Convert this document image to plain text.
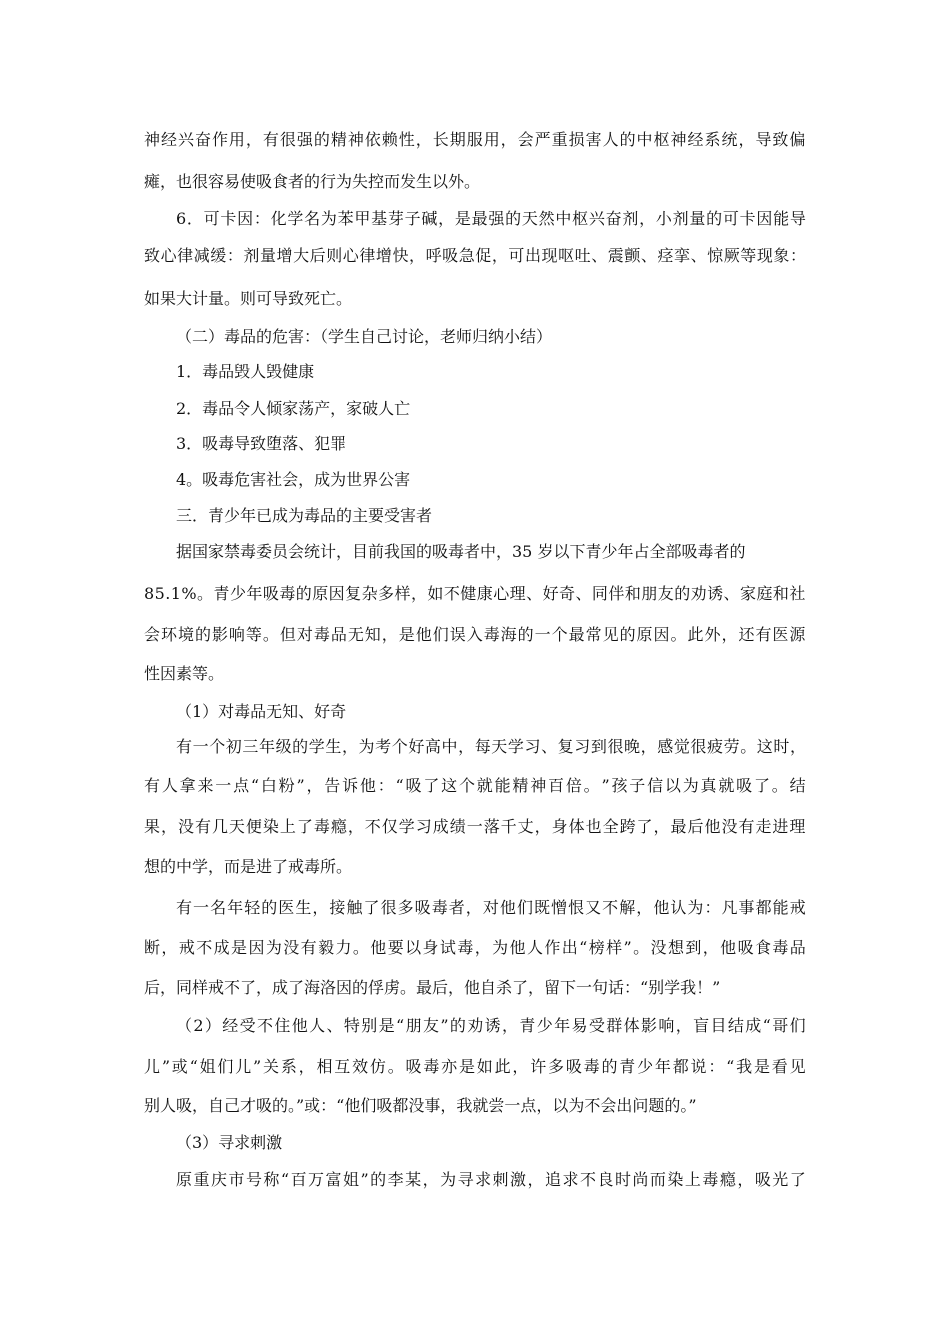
神 经 兴 奋 作 用 ， 有 很 强 的 精 神 依 赖 性 ， 长 期 服 用 ， 会 严 重 损 害 人 的 中 枢 神 经 系 统 ， 导 致 偏
瘫，也很容易使吸食者的行为失控而发生以外。
6 ． 可 卡 因 ： 化 学 名 为 苯 甲 基 芽 子 碱 ， 是 最 强 的 天 然 中 枢 兴 奋 剂 ， 小 剂 量 的 可 卡 因 能 导
致 心 律 减 缓 ： 剂 量 增 大 后 则 心 律 增 快 ， 呼 吸 急 促 ， 可 出 现 呕 吐 、 震 颤 、 痉 挛 、 惊 厥 等 现 象 ：
如果大计量。则可导致死亡。
（二）毒品的危害：（学生自己讨论，老师归纳小结）
1．毒品毁人毁健康
2．毒品令人倾家荡产，家破人亡
3．吸毒导致堕落、犯罪
4。吸毒危害社会，成为世界公害
三．青少年已成为毒品的主要受害者
据国家禁毒委员会统计，目前我国的吸毒者中，35 岁以下青少年占全部吸毒者的
8 5 . 1 % 。 青 少 年 吸 毒 的 原 因 复 杂 多 样 ， 如 不 健 康 心 理 、 好 奇 、 同 伴 和 朋 友 的 劝 诱 、 家 庭 和 社
会 环 境 的 影 响 等 。 但 对 毒 品 无 知 ， 是 他 们 误 入 毒 海 的 一 个 最 常 见 的 原 因 。 此 外 ， 还 有 医 源
性因素等。
（1）对毒品无知、好奇
有 一 个 初 三 年 级 的 学 生 ， 为 考 个 好 高 中 ， 每 天 学 习 、 复 习 到 很 晚 ， 感 觉 很 疲 劳 。 这 时 ，
有 人 拿 来 一 点 “ 白 粉 ” ， 告 诉 他 ： “ 吸 了 这 个 就 能 精 神 百 倍 。 ” 孩 子 信 以 为 真 就 吸 了 。 结
果 ， 没 有 几 天 便 染 上 了 毒 瘾 ， 不 仅 学 习 成 绩 一 落 千 丈 ， 身 体 也 全 跨 了 ， 最 后 他 没 有 走 进 理
想的中学，而是进了戒毒所。
有 一 名 年 轻 的 医 生 ， 接 触 了 很 多 吸 毒 者 ， 对 他 们 既 憎 恨 又 不 解 ， 他 认 为 ： 凡 事 都 能 戒
断 ， 戒 不 成 是 因 为 没 有 毅 力 。 他 要 以 身 试 毒 ， 为 他 人 作 出 “ 榜 样 ” 。 没 想 到 ， 他 吸 食 毒 品
后，同样戒不了，成了海洛因的俘虏。最后，他自杀了，留下一句话：“别学我！”
（ 2 ） 经 受 不 住 他 人 、 特 别 是 “ 朋 友 ” 的 劝 诱 ， 青 少 年 易 受 群 体 影 响 ， 盲 目 结 成 “ 哥 们
儿 ” 或 “ 姐 们 儿 ” 关 系 ， 相 互 效 仿 。 吸 毒 亦 是 如 此 ， 许 多 吸 毒 的 青 少 年 都 说 ： “ 我 是 看 见
别人吸，自己才吸的。”或：“他们吸都没事，我就尝一点，以为不会出问题的。”
（3）寻求刺激
原 重 庆 市 号 称 “ 百 万 富 姐 ” 的 李 某 ， 为 寻 求 刺 激 ， 追 求 不 良 时 尚 而 染 上 毒 瘾 ， 吸 光 了
